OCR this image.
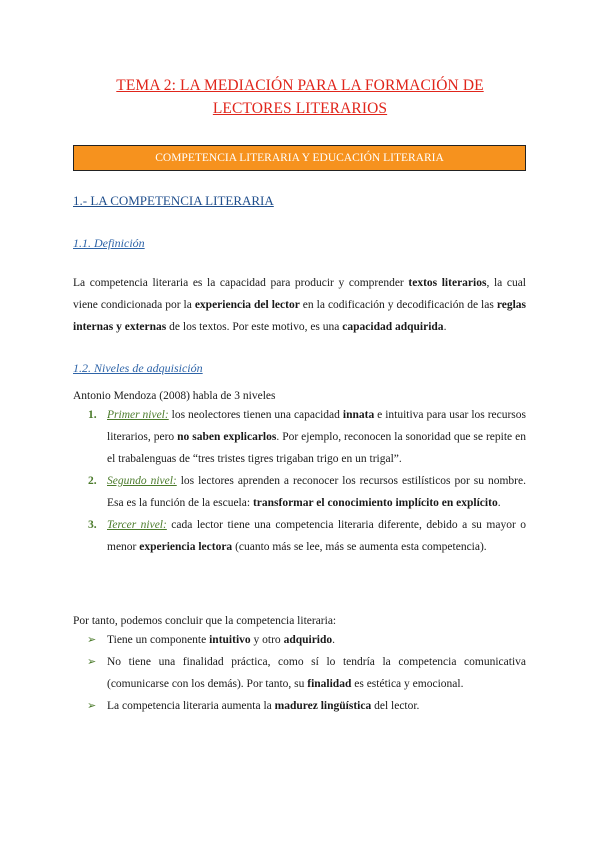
TEMA 2: LA MEDIACIÓN PARA LA FORMACIÓN DE
LECTORES LITERARIOS
COMPETENCIA LITERARIA Y EDUCACIÓN LITERARIA
1.- LA COMPETENCIA LITERARIA
1.1. Definición
La competencia literaria es la capacidad para producir y comprender textos literarios, la cual viene condicionada por la experiencia del lector en la codificación y decodificación de las reglas internas y externas de los textos. Por este motivo, es una capacidad adquirida.
1.2. Niveles de adquisición
Antonio Mendoza (2008) habla de 3 niveles
1. Primer nivel: los neolectores tienen una capacidad innata e intuitiva para usar los recursos literarios, pero no saben explicarlos. Por ejemplo, reconocen la sonoridad que se repite en el trabalenguas de “tres tristes tigres trigaban trigo en un trigal”.
2. Segundo nivel: los lectores aprenden a reconocer los recursos estilísticos por su nombre. Esa es la función de la escuela: transformar el conocimiento implícito en explícito.
3. Tercer nivel: cada lector tiene una competencia literaria diferente, debido a su mayor o menor experiencia lectora (cuanto más se lee, más se aumenta esta competencia).
Por tanto, podemos concluir que la competencia literaria:
➢ Tiene un componente intuitivo y otro adquirido.
➢ No tiene una finalidad práctica, como sí lo tendría la competencia comunicativa (comunicarse con los demás). Por tanto, su finalidad es estética y emocional.
➢ La competencia literaria aumenta la madurez lingüística del lector.
